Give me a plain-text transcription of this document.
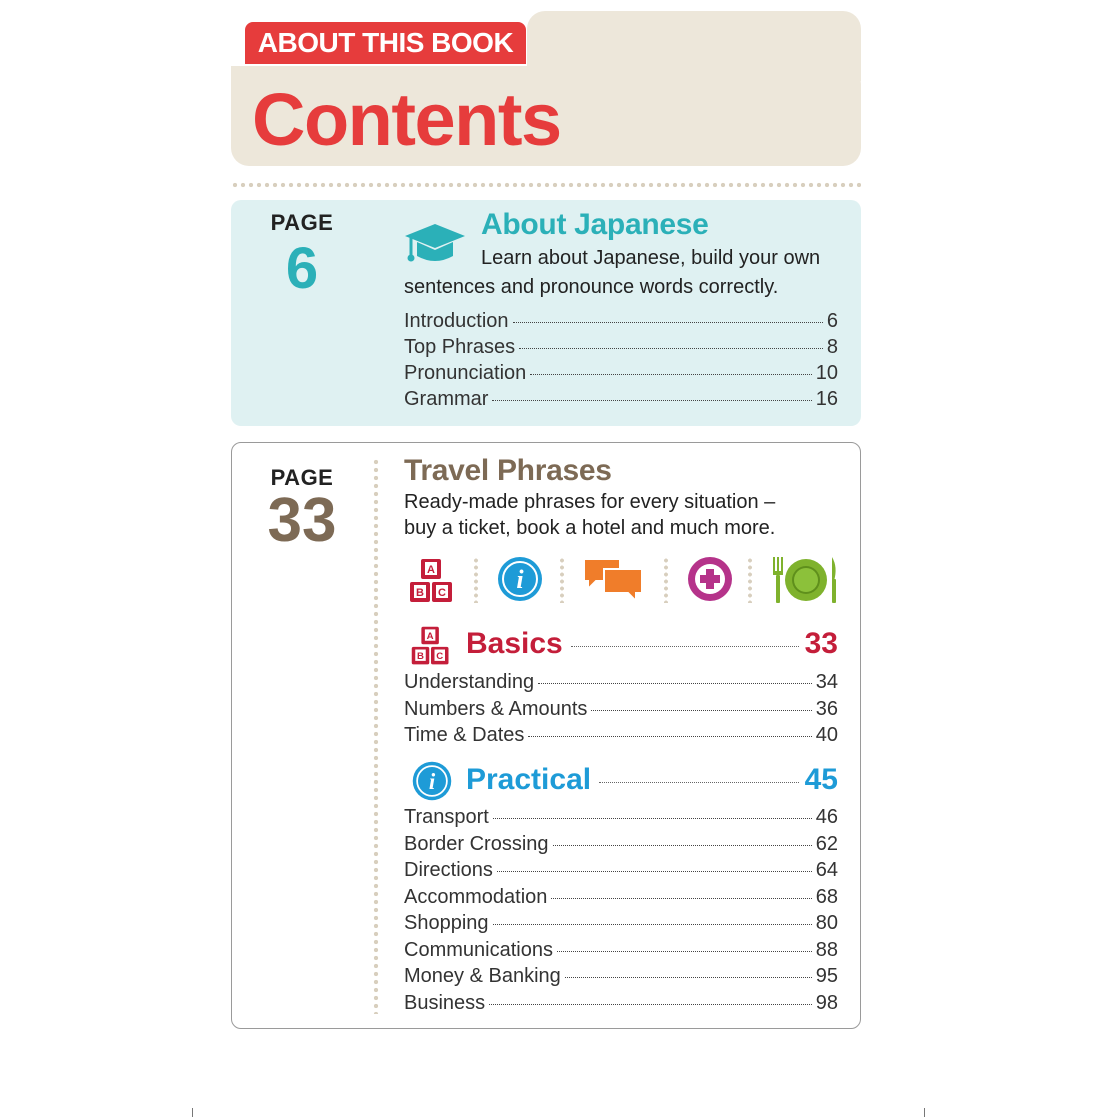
ABOUT THIS BOOK
Contents
PAGE
6
About Japanese

Learn about Japanese, build your own

sentences and pronounce words correctly.

Introduction	6
Top Phrases	8
Pronunciation	10
Grammar	16
PAGE
33
Travel Phrases

Ready-made phrases for every situation –

buy a ticket, book a hotel and much more.

A
B C	i
A
B C Basics	33
Understanding	34
Numbers & Amounts	36
Time & Dates	40
i Practical	45
Transport	46
Border Crossing	62
Directions	64
Accommodation	68
Shopping	80
Communications	88
Money & Banking	95
Business	98
